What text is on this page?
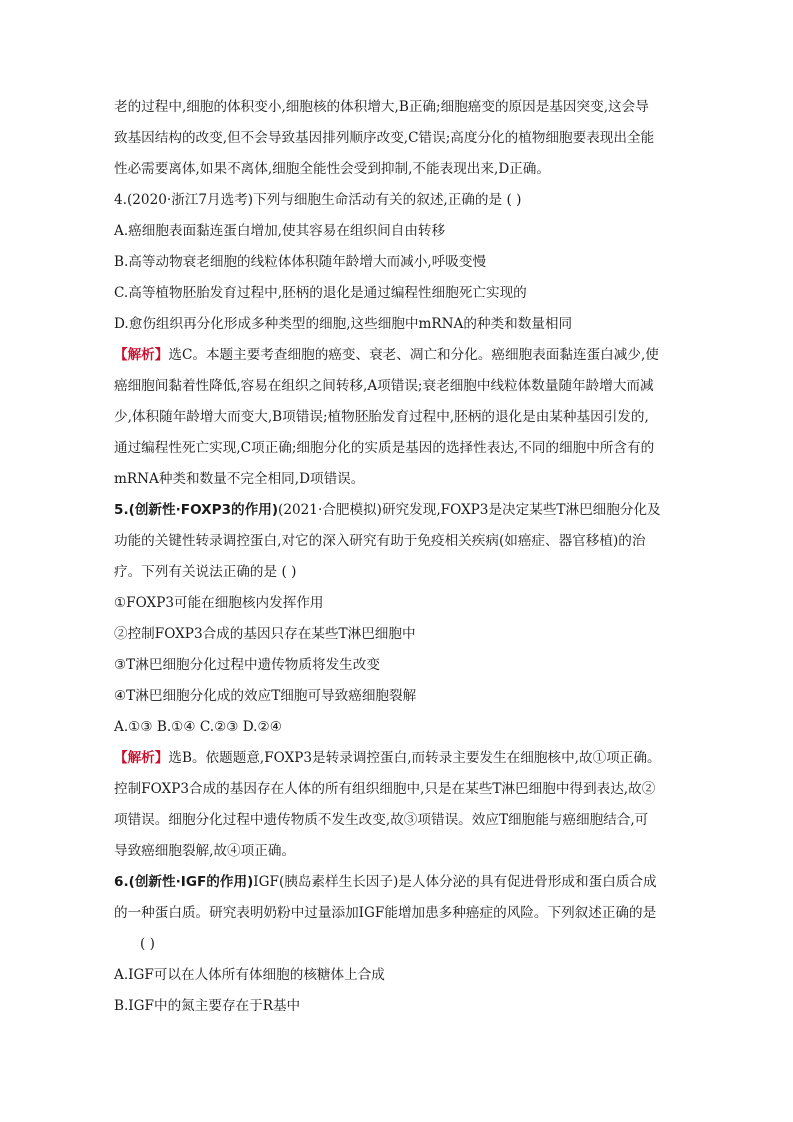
老的过程中,细胞的体积变小,细胞核的体积增大,B正确;细胞癌变的原因是基因突变,这会导
致基因结构的改变,但不会导致基因排列顺序改变,C错误;高度分化的植物细胞要表现出全能
性必需要离体,如果不离体,细胞全能性会受到抑制,不能表现出来,D正确。
4.(2020·浙江7月选考)下列与细胞生命活动有关的叙述,正确的是 ( )
A.癌细胞表面黏连蛋白增加,使其容易在组织间自由转移
B.高等动物衰老细胞的线粒体体积随年龄增大而减小,呼吸变慢
C.高等植物胚胎发育过程中,胚柄的退化是通过编程性细胞死亡实现的
D.愈伤组织再分化形成多种类型的细胞,这些细胞中mRNA的种类和数量相同
【解析】选C。本题主要考查细胞的癌变、衰老、凋亡和分化。癌细胞表面黏连蛋白减少,使
癌细胞间黏着性降低,容易在组织之间转移,A项错误;衰老细胞中线粒体数量随年龄增大而减
少,体积随年龄增大而变大,B项错误;植物胚胎发育过程中,胚柄的退化是由某种基因引发的,
通过编程性死亡实现,C项正确;细胞分化的实质是基因的选择性表达,不同的细胞中所含有的
mRNA种类和数量不完全相同,D项错误。
5.(创新性·FOXP3的作用)(2021·合肥模拟)研究发现,FOXP3是决定某些T淋巴细胞分化及
功能的关键性转录调控蛋白,对它的深入研究有助于免疫相关疾病(如癌症、器官移植)的治
疗。下列有关说法正确的是 ( )
①FOXP3可能在细胞核内发挥作用
②控制FOXP3合成的基因只存在某些T淋巴细胞中
③T淋巴细胞分化过程中遗传物质将发生改变
④T淋巴细胞分化成的效应T细胞可导致癌细胞裂解
A.①③ B.①④ C.②③ D.②④
【解析】选B。依题题意,FOXP3是转录调控蛋白,而转录主要发生在细胞核中,故①项正确。
控制FOXP3合成的基因存在人体的所有组织细胞中,只是在某些T淋巴细胞中得到表达,故②
项错误。细胞分化过程中遗传物质不发生改变,故③项错误。效应T细胞能与癌细胞结合,可
导致癌细胞裂解,故④项正确。
6.(创新性·IGF的作用)IGF(胰岛素样生长因子)是人体分泌的具有促进骨形成和蛋白质合成
的一种蛋白质。研究表明奶粉中过量添加IGF能增加患多种癌症的风险。下列叙述正确的是
( )
A.IGF可以在人体所有体细胞的核糖体上合成
B.IGF中的氮主要存在于R基中
